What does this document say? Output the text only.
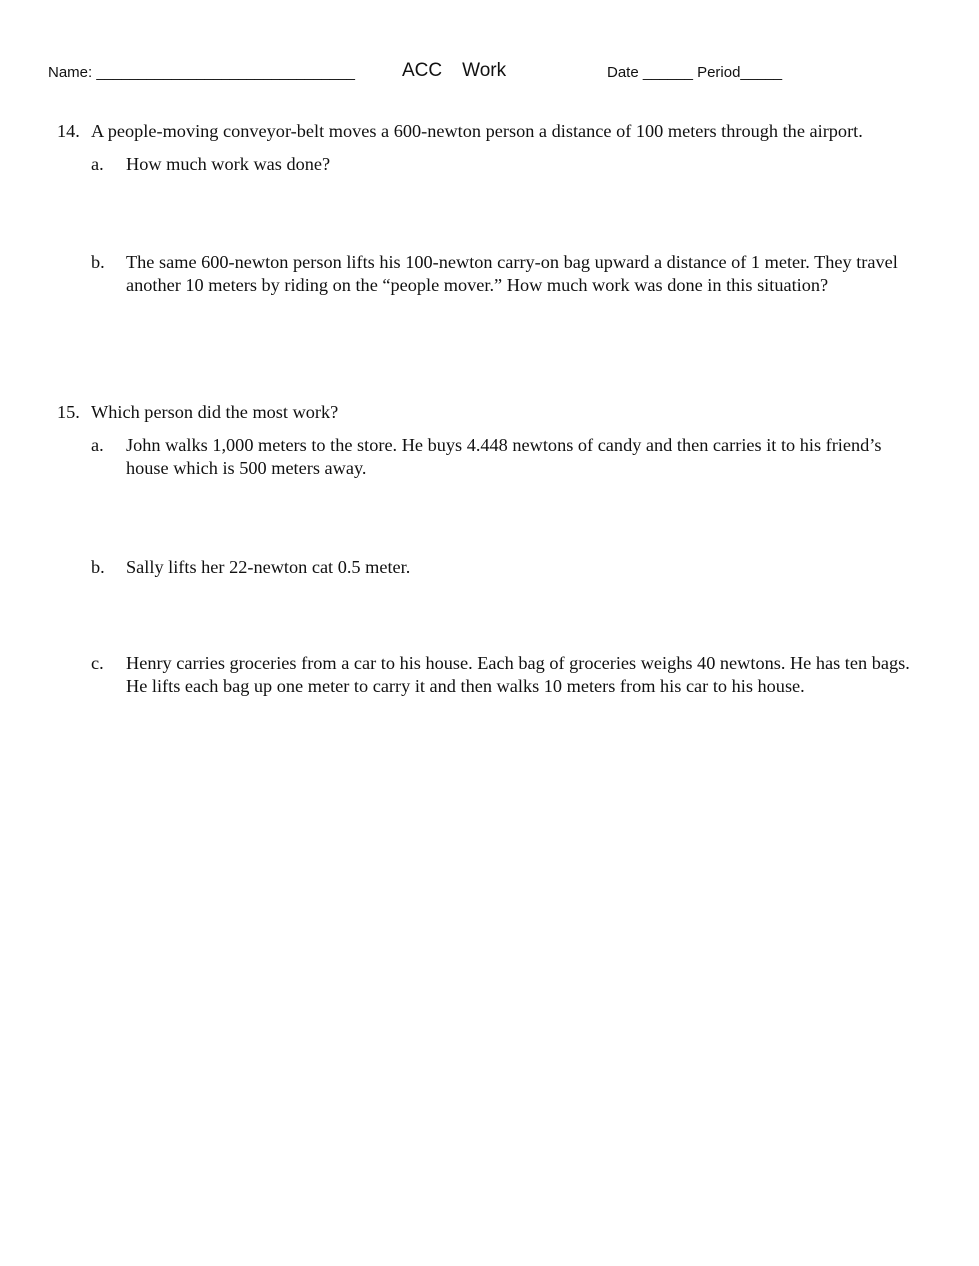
Name: _______________________________ ACC Work	Date ______ Period_____
14. A people-moving conveyor-belt moves a 600-newton person a distance of 100 meters through the airport.
a. How much work was done?
b. The same 600-newton person lifts his 100-newton carry-on bag upward a distance of 1 meter. They travel another 10 meters by riding on the “people mover.” How much work was done in this situation?
15. Which person did the most work?
a. John walks 1,000 meters to the store. He buys 4.448 newtons of candy and then carries it to his friend’s house which is 500 meters away.
b. Sally lifts her 22-newton cat 0.5 meter.
c. Henry carries groceries from a car to his house. Each bag of groceries weighs 40 newtons. He has ten bags. He lifts each bag up one meter to carry it and then walks 10 meters from his car to his house.
